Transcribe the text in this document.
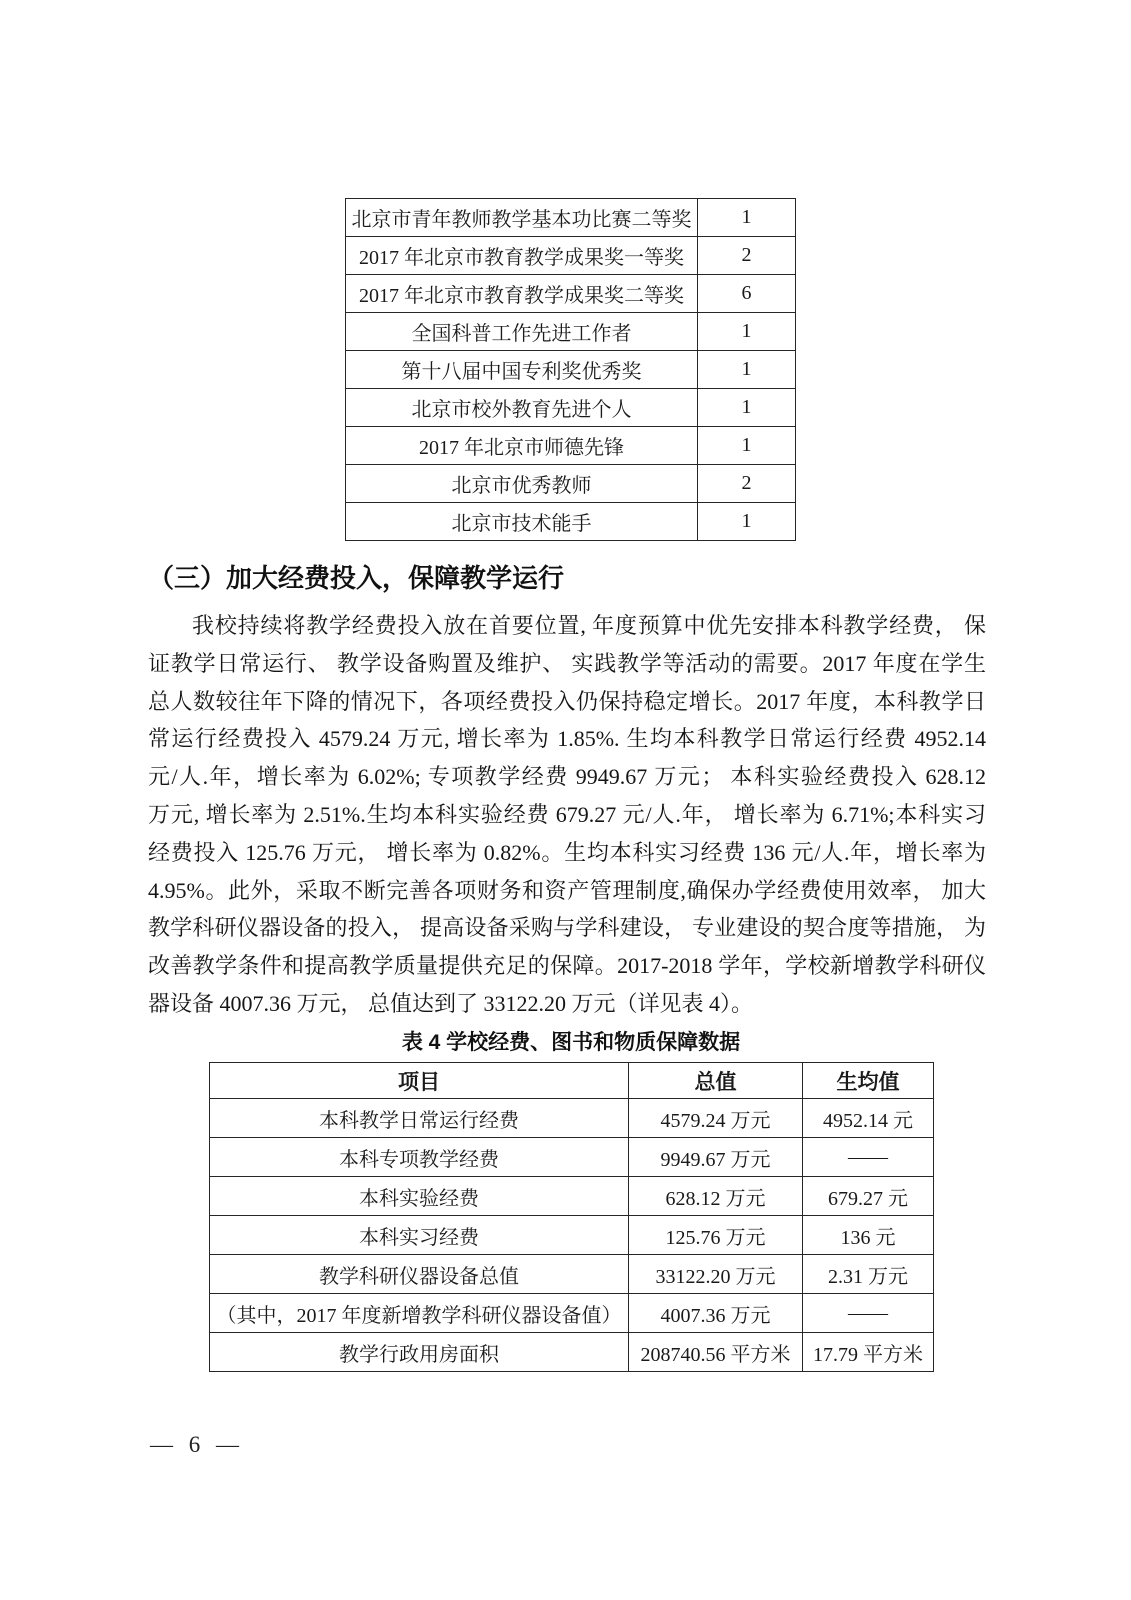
北京市青年教师教学基本功比赛二等奖	1
2017 年北京市教育教学成果奖一等奖	2
2017 年北京市教育教学成果奖二等奖	6
全国科普工作先进工作者	1
第十八届中国专利奖优秀奖	1
北京市校外教育先进个人	1
2017 年北京市师德先锋	1
北京市优秀教师	2
北京市技术能手	1
（三）加大经费投入，保障教学运行
我校持续将教学经费投入放在首要位置, 年度预算中优先安排本科教学经费， 保
证教学日常运行、 教学设备购置及维护、 实践教学等活动的需要。2017 年度在学生
总人数较往年下降的情况下，各项经费投入仍保持稳定增长。2017 年度，本科教学日
常运行经费投入 4579.24 万元, 增长率为 1.85%. 生均本科教学日常运行经费 4952.14
元/人.年，增长率为 6.02%; 专项教学经费 9949.67 万元； 本科实验经费投入 628.12
万元, 增长率为 2.51%.生均本科实验经费 679.27 元/人.年， 增长率为 6.71%;本科实习
经费投入 125.76 万元， 增长率为 0.82%。生均本科实习经费 136 元/人.年，增长率为
4.95%。此外，采取不断完善各项财务和资产管理制度,确保办学经费使用效率， 加大
教学科研仪器设备的投入， 提高设备采购与学科建设， 专业建设的契合度等措施， 为
改善教学条件和提高教学质量提供充足的保障。2017-2018 学年，学校新增教学科研仪
器设备 4007.36 万元， 总值达到了 33122.20 万元（详见表 4）。
表 4 学校经费、图书和物质保障数据
项目	总值	生均值
本科教学日常运行经费	4579.24 万元	4952.14 元
本科专项教学经费	9949.67 万元	——
本科实验经费	628.12 万元	679.27 元
本科实习经费	125.76 万元	136 元
教学科研仪器设备总值	33122.20 万元	2.31 万元
（其中，2017 年度新增教学科研仪器设备值）	4007.36 万元	——
教学行政用房面积	208740.56 平方米	17.79 平方米
— 6 —
